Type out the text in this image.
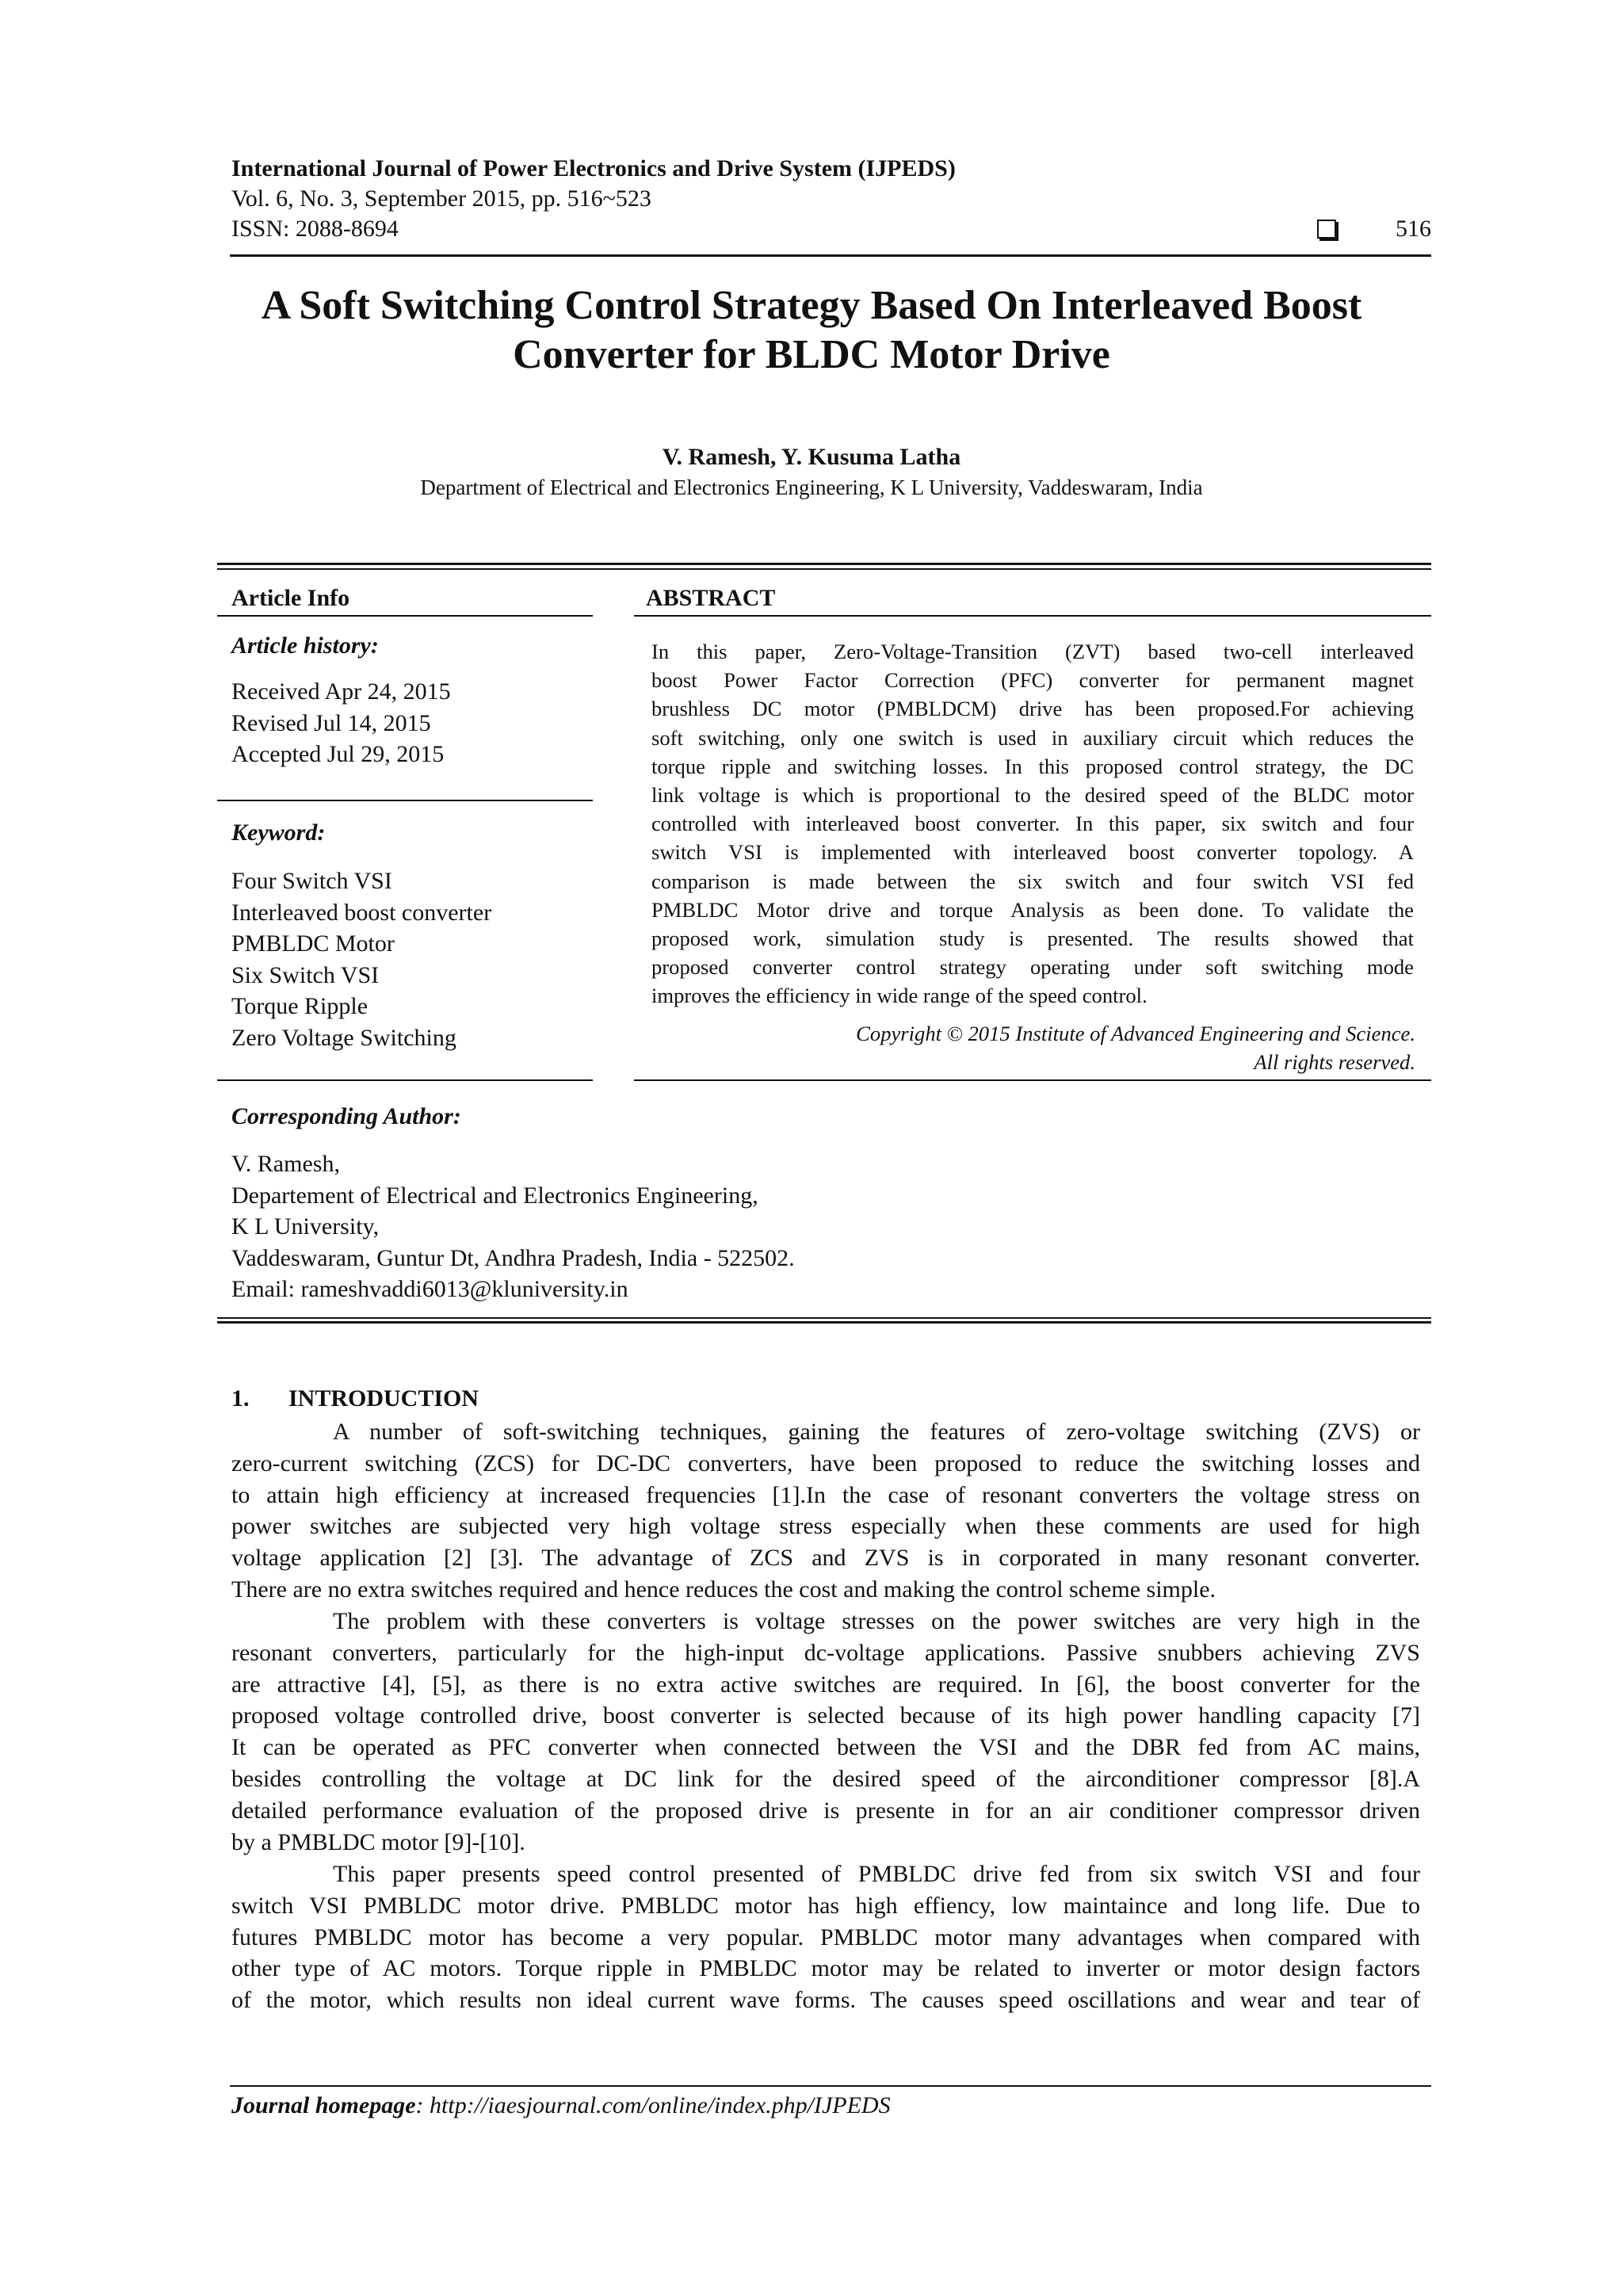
International Journal of Power Electronics and Drive System (IJPEDS)
Vol. 6, No. 3, September 2015, pp. 516~523
ISSN: 2088-8694	516
A Soft Switching Control Strategy Based On Interleaved Boost
Converter for BLDC Motor Drive
V. Ramesh, Y. Kusuma Latha
Department of Electrical and Electronics Engineering, K L University, Vaddeswaram, India
Article Info
Article history:
Received Apr 24, 2015
Revised Jul 14, 2015
Accepted Jul 29, 2015
Keyword:
Four Switch VSI
Interleaved boost converter
PMBLDC Motor
Six Switch VSI
Torque Ripple
Zero Voltage Switching
ABSTRACT
In this paper, Zero-Voltage-Transition (ZVT) based two-cell interleaved
boost Power Factor Correction (PFC) converter for permanent magnet
brushless DC motor (PMBLDCM) drive has been proposed.For achieving
soft switching, only one switch is used in auxiliary circuit which reduces the
torque ripple and switching losses. In this proposed control strategy, the DC
link voltage is which is proportional to the desired speed of the BLDC motor
controlled with interleaved boost converter. In this paper, six switch and four
switch VSI is implemented with interleaved boost converter topology. A
comparison is made between the six switch and four switch VSI fed
PMBLDC Motor drive and torque Analysis as been done. To validate the
proposed work, simulation study is presented. The results showed that
proposed converter control strategy operating under soft switching mode
improves the efficiency in wide range of the speed control.
Copyright © 2015 Institute of Advanced Engineering and Science.
All rights reserved.
Corresponding Author:
V. Ramesh,
Departement of Electrical and Electronics Engineering,
K L University,
Vaddeswaram, Guntur Dt, Andhra Pradesh, India - 522502.
Email: rameshvaddi6013@kluniversity.in
1. INTRODUCTION
A number of soft-switching techniques, gaining the features of zero-voltage switching (ZVS) or
zero-current switching (ZCS) for DC-DC converters, have been proposed to reduce the switching losses and
to attain high efficiency at increased frequencies [1].In the case of resonant converters the voltage stress on
power switches are subjected very high voltage stress especially when these comments are used for high
voltage application [2] [3]. The advantage of ZCS and ZVS is in corporated in many resonant converter.
There are no extra switches required and hence reduces the cost and making the control scheme simple.
The problem with these converters is voltage stresses on the power switches are very high in the
resonant converters, particularly for the high-input dc-voltage applications. Passive snubbers achieving ZVS
are attractive [4], [5], as there is no extra active switches are required. In [6], the boost converter for the
proposed voltage controlled drive, boost converter is selected because of its high power handling capacity [7]
It can be operated as PFC converter when connected between the VSI and the DBR fed from AC mains,
besides controlling the voltage at DC link for the desired speed of the airconditioner compressor [8].A
detailed performance evaluation of the proposed drive is presente in for an air conditioner compressor driven
by a PMBLDC motor [9]-[10].
This paper presents speed control presented of PMBLDC drive fed from six switch VSI and four
switch VSI PMBLDC motor drive. PMBLDC motor has high effiency, low maintaince and long life. Due to
futures PMBLDC motor has become a very popular. PMBLDC motor many advantages when compared with
other type of AC motors. Torque ripple in PMBLDC motor may be related to inverter or motor design factors
of the motor, which results non ideal current wave forms. The causes speed oscillations and wear and tear of
Journal homepage: http://iaesjournal.com/online/index.php/IJPEDS
